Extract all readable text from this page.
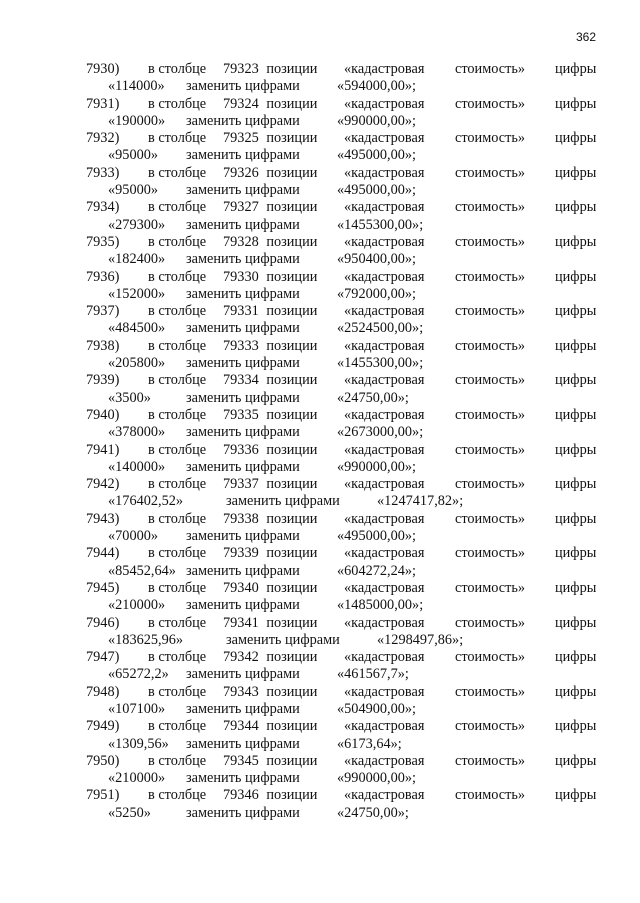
362
7930) в столбце 79323 позиции «кадастровая стоимость» цифры
«114000» заменить цифрами	«594000,00»;
7931) в столбце 79324 позиции «кадастровая стоимость» цифры
«190000» заменить цифрами	«990000,00»;
7932) в столбце 79325 позиции «кадастровая стоимость» цифры
«95000» заменить цифрами	«495000,00»;
7933) в столбце 79326 позиции «кадастровая стоимость» цифры
«95000» заменить цифрами	«495000,00»;
7934) в столбце 79327 позиции «кадастровая стоимость» цифры
«279300» заменить цифрами	«1455300,00»;
7935) в столбце 79328 позиции «кадастровая стоимость» цифры
«182400» заменить цифрами	«950400,00»;
7936) в столбце 79330 позиции «кадастровая стоимость» цифры
«152000» заменить цифрами	«792000,00»;
7937) в столбце 79331 позиции «кадастровая стоимость» цифры
«484500» заменить цифрами	«2524500,00»;
7938) в столбце 79333 позиции «кадастровая стоимость» цифры
«205800» заменить цифрами	«1455300,00»;
7939) в столбце 79334 позиции «кадастровая стоимость» цифры
«3500» заменить цифрами	«24750,00»;
7940) в столбце 79335 позиции «кадастровая стоимость» цифры
«378000» заменить цифрами	«2673000,00»;
7941) в столбце 79336 позиции «кадастровая стоимость» цифры
«140000» заменить цифрами	«990000,00»;
7942) в столбце 79337 позиции «кадастровая стоимость» цифры
«176402,52»	заменить цифрами	«1247417,82»;
7943) в столбце 79338 позиции «кадастровая стоимость» цифры
«70000» заменить цифрами	«495000,00»;
7944) в столбце 79339 позиции «кадастровая стоимость» цифры
«85452,64» заменить цифрами	«604272,24»;
7945) в столбце 79340 позиции «кадастровая стоимость» цифры
«210000» заменить цифрами	«1485000,00»;
7946) в столбце 79341 позиции «кадастровая стоимость» цифры
«183625,96»	заменить цифрами	«1298497,86»;
7947) в столбце 79342 позиции «кадастровая стоимость» цифры
«65272,2» заменить цифрами	«461567,7»;
7948) в столбце 79343 позиции «кадастровая стоимость» цифры
«107100» заменить цифрами	«504900,00»;
7949) в столбце 79344 позиции «кадастровая стоимость» цифры
«1309,56» заменить цифрами	«6173,64»;
7950) в столбце 79345 позиции «кадастровая стоимость» цифры
«210000» заменить цифрами	«990000,00»;
7951) в столбце 79346 позиции «кадастровая стоимость» цифры
«5250» заменить цифрами	«24750,00»;
